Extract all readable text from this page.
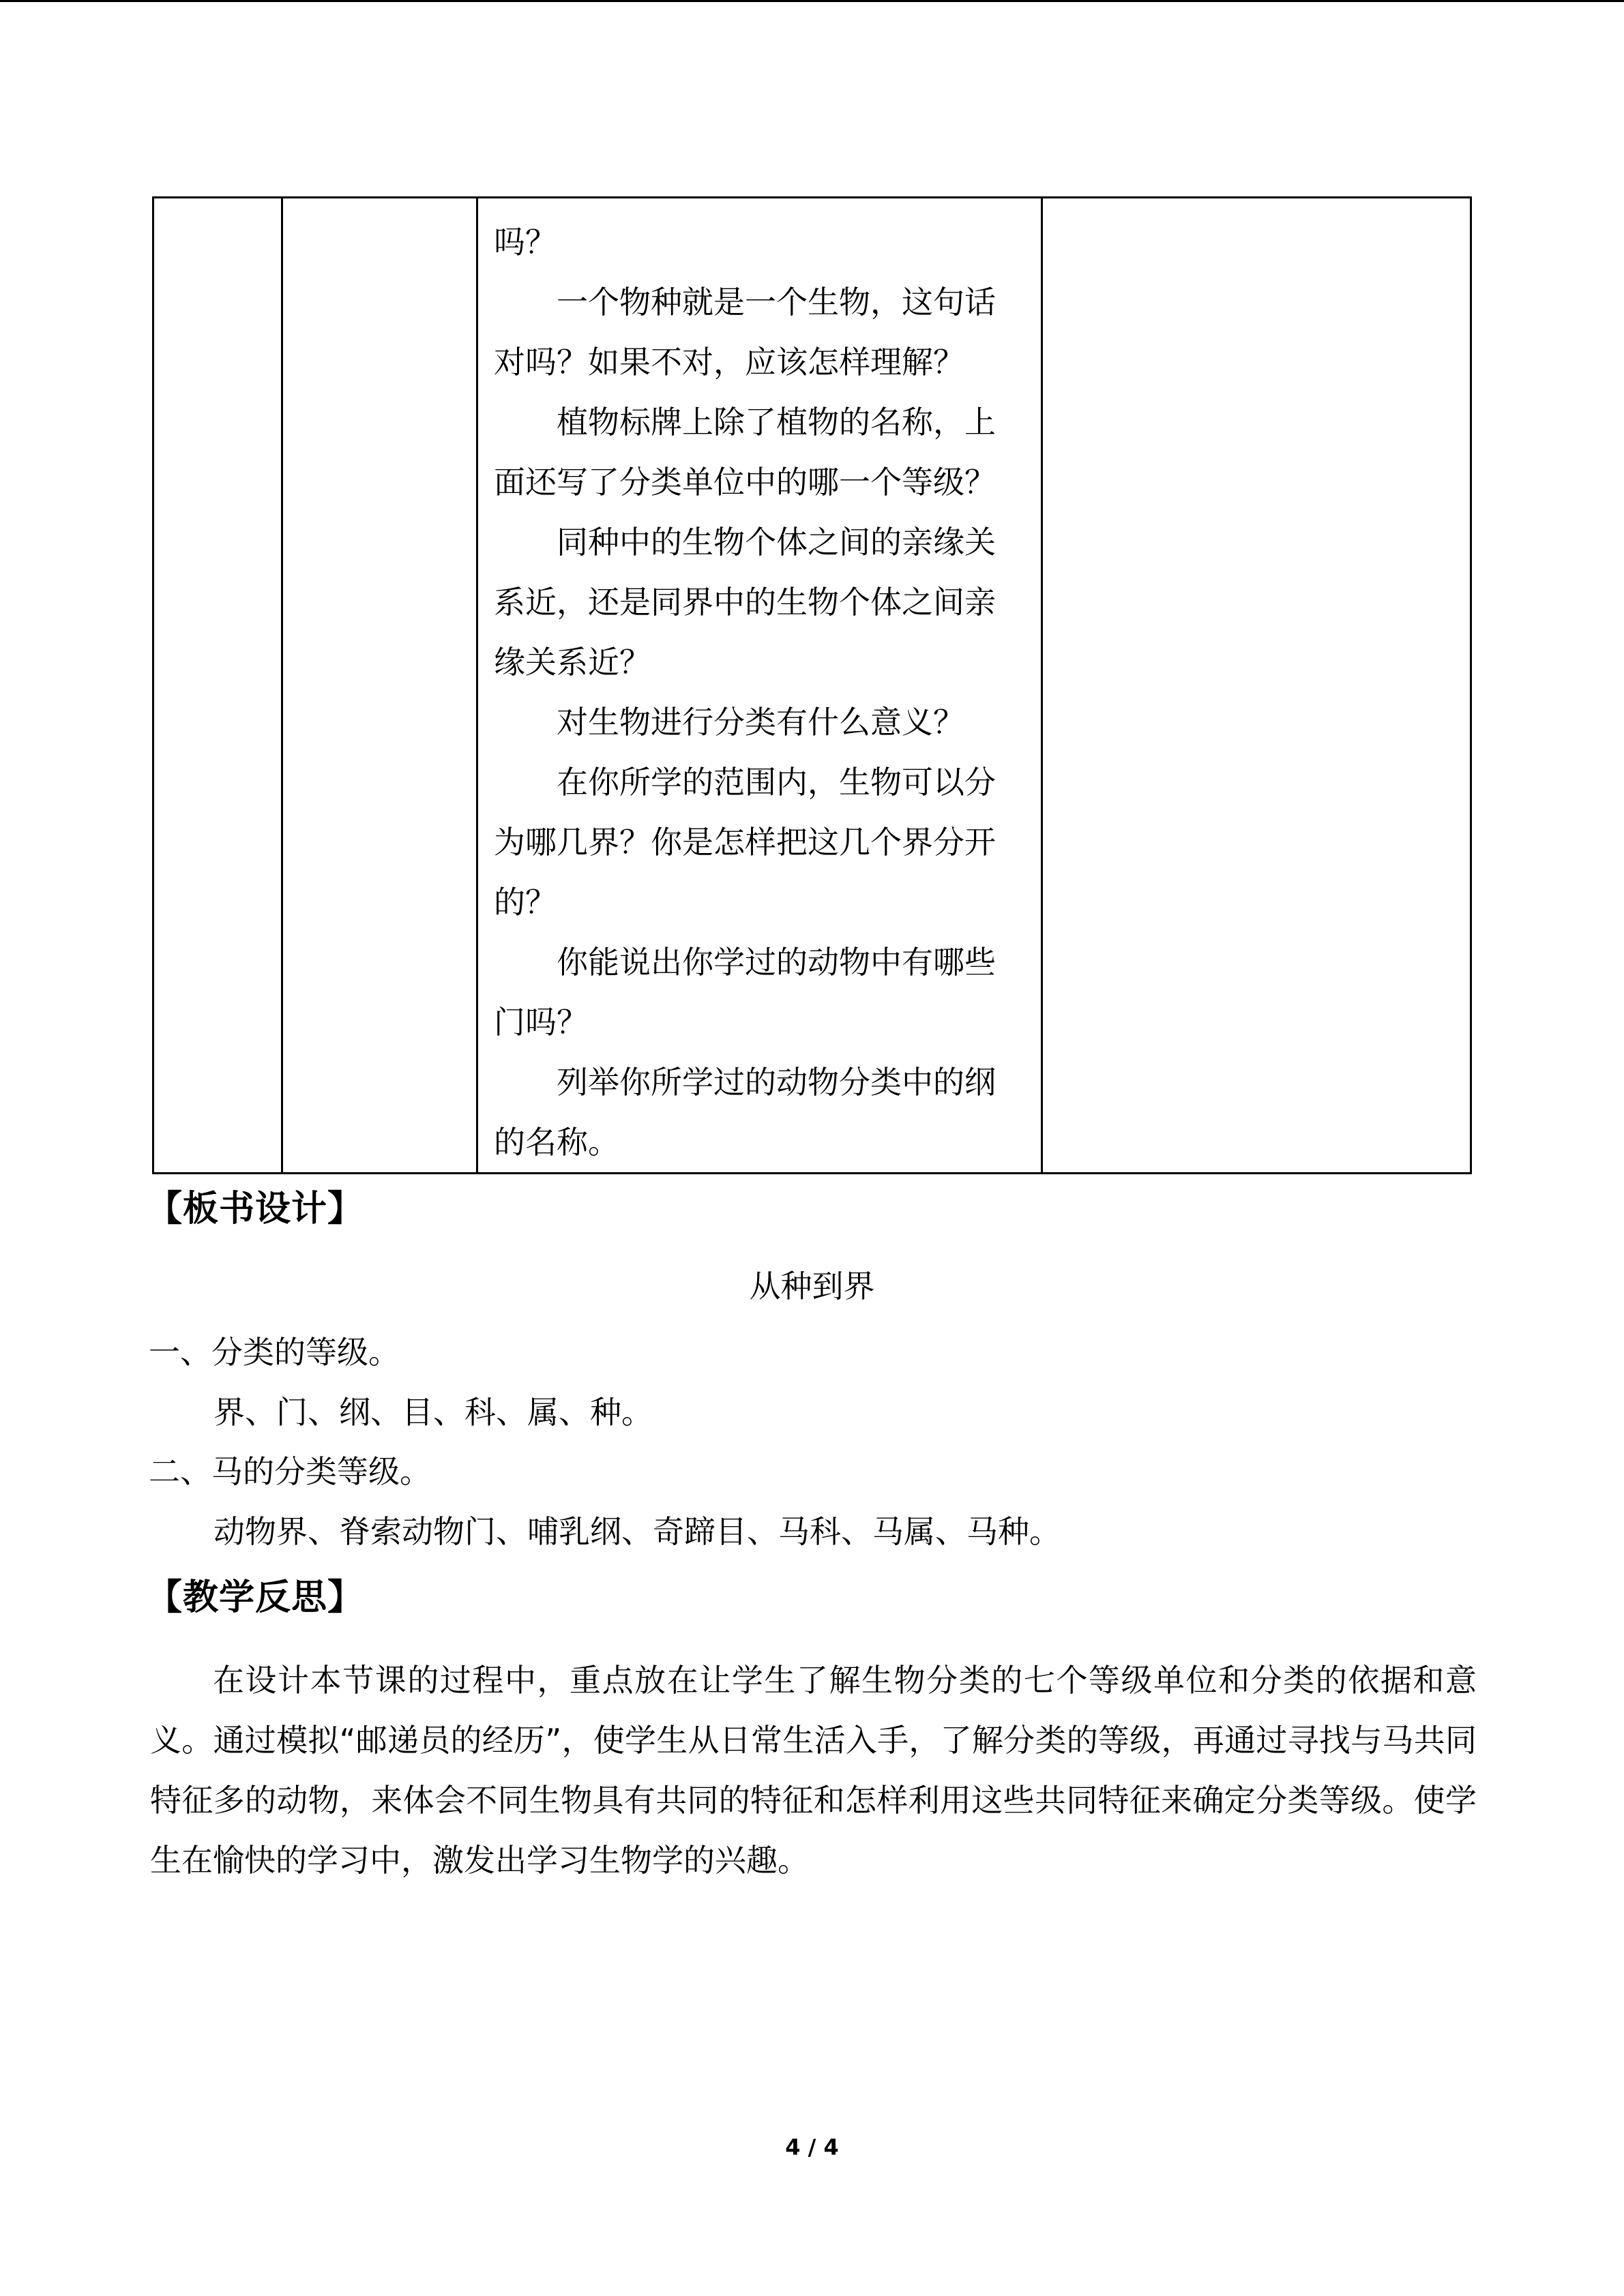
吗？

一个物种就是一个生物，这句话

对吗？如果不对，应该怎样理解？

植物标牌上除了植物的名称，上

面还写了分类单位中的哪一个等级？

同种中的生物个体之间的亲缘关

系近，还是同界中的生物个体之间亲

缘关系近？

对生物进行分类有什么意义？

在你所学的范围内，生物可以分

为哪几界？你是怎样把这几个界分开

的？

你能说出你学过的动物中有哪些

门吗？

列举你所学过的动物分类中的纲

的名称。

【板书设计】
从种到界
一、分类的等级。
界、门、纲、目、科、属、种。
二、马的分类等级。
动物界、脊索动物门、哺乳纲、奇蹄目、马科、马属、马种。
【教学反思】
在设计本节课的过程中，重点放在让学生了解生物分类的七个等级单位和分类的依据和意义。通过模拟“邮递员的经历”，使学生从日常生活入手，了解分类的等级，再通过寻找与马共同特征多的动物，来体会不同生物具有共同的特征和怎样利用这些共同特征来确定分类等级。使学生在愉快的学习中，激发出学习生物学的兴趣。
4 / 4
